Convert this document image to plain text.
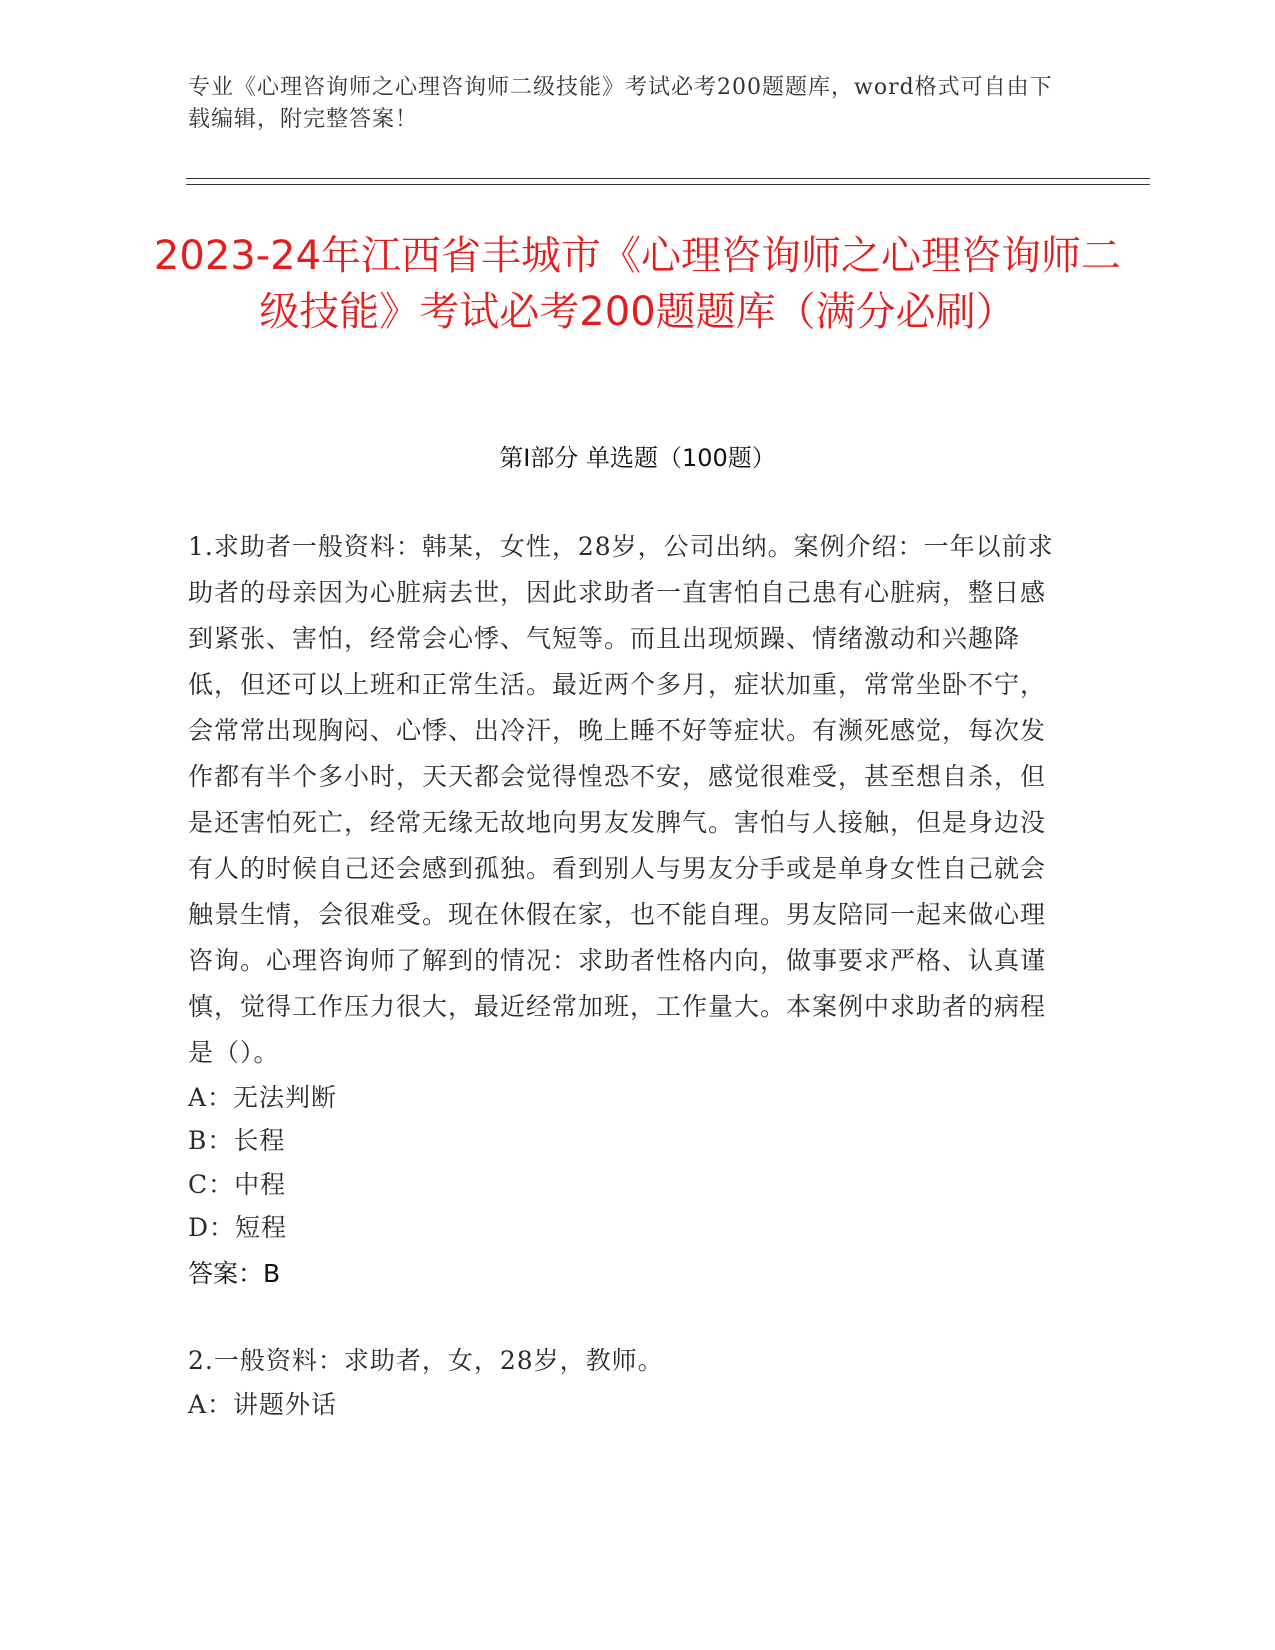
专业《心理咨询师之心理咨询师二级技能》考试必考200题题库，word格式可自由下载编辑，附完整答案！
2023-24年江西省丰城市《心理咨询师之心理咨询师二级技能》考试必考200题题库（满分必刷）
第Ⅰ部分 单选题（100题）
1.求助者一般资料：韩某，女性，28岁，公司出纳。案例介绍：一年以前求助者的母亲因为心脏病去世，因此求助者一直害怕自己患有心脏病，整日感到紧张、害怕，经常会心悸、气短等。而且出现烦躁、情绪激动和兴趣降低，但还可以上班和正常生活。最近两个多月，症状加重，常常坐卧不宁，会常常出现胸闷、心悸、出冷汗，晚上睡不好等症状。有濒死感觉，每次发作都有半个多小时，天天都会觉得惶恐不安，感觉很难受，甚至想自杀，但是还害怕死亡，经常无缘无故地向男友发脾气。害怕与人接触，但是身边没有人的时候自己还会感到孤独。看到别人与男友分手或是单身女性自己就会触景生情，会很难受。现在休假在家，也不能自理。男友陪同一起来做心理咨询。心理咨询师了解到的情况：求助者性格内向，做事要求严格、认真谨慎，觉得工作压力很大，最近经常加班，工作量大。本案例中求助者的病程是（）。
A：无法判断
B：长程
C：中程
D：短程
答案：B
2.一般资料：求助者，女，28岁，教师。
A：讲题外话
